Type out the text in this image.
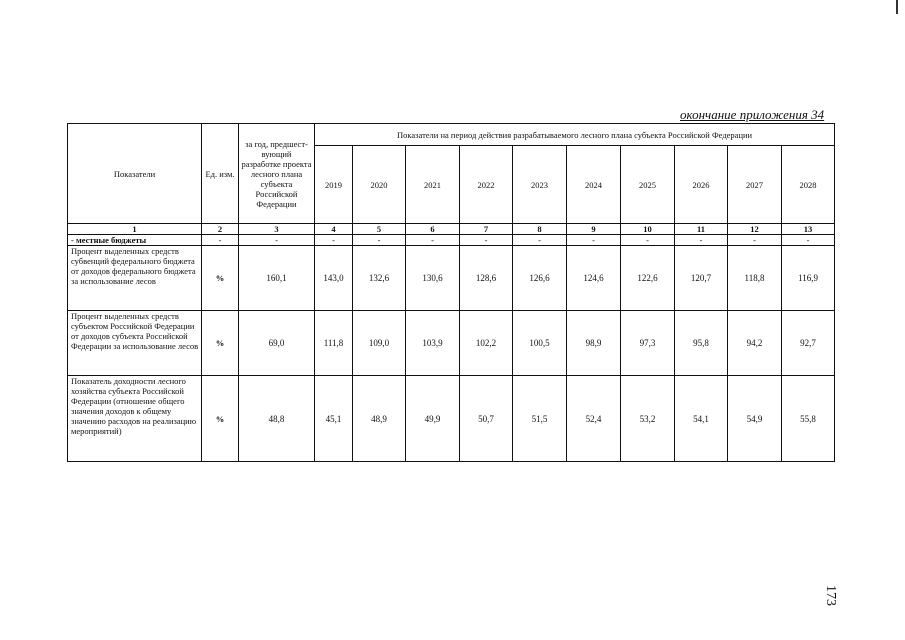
окончание приложения 34
Показатели	Ед. изм.	за год, предшест-вующий разработке проекта лесного плана субъекта Российской Федерации	Показатели на период действия разрабатываемого лесного плана субъекта Российской Федерации									
			2019	2020	2021	2022	2023	2024	2025	2026	2027	2028
1	2	3	4	5	6	7	8	9	10	11	12	13
- местные бюджеты	-	-	-	-	-	-	-	-	-	-	-	-
Процент выделенных средств субвенций федерального бюджета от доходов федерального бюджета за использование лесов	%	160,1	143,0	132,6	130,6	128,6	126,6	124,6	122,6	120,7	118,8	116,9
Процент выделенных средств субъектом Российской Федерации от доходов субъекта Российской Федерации за использование лесов	%	69,0	111,8	109,0	103,9	102,2	100,5	98,9	97,3	95,8	94,2	92,7
Показатель доходности лесного хозяйства субъекта Российской Федерации (отношение общего значения доходов к общему значению расходов на реализацию мероприятий)	%	48,8	45,1	48,9	49,9	50,7	51,5	52,4	53,2	54,1	54,9	55,8
173
